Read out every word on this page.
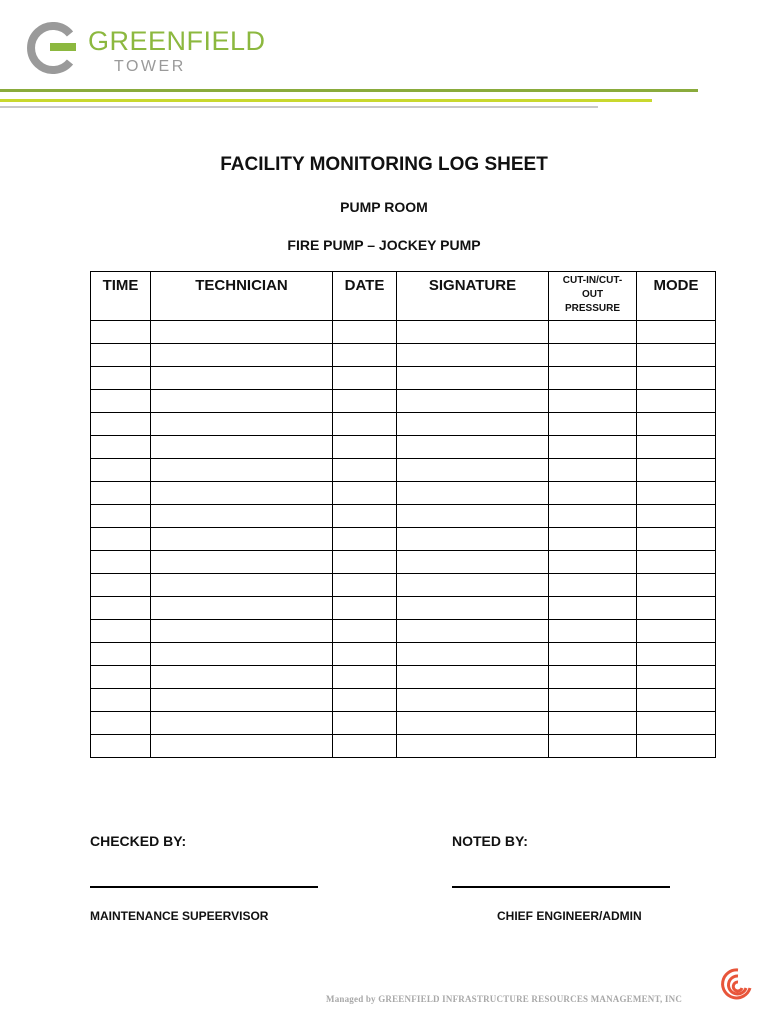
GREENFIELD
TOWER
FACILITY MONITORING LOG SHEET
PUMP ROOM
FIRE PUMP – JOCKEY PUMP
TIME	TECHNICIAN	DATE	SIGNATURE	CUT-IN/CUT-
OUT
PRESSURE	MODE

CHECKED BY:
MAINTENANCE SUPEERVISOR
NOTED BY:
CHIEF ENGINEER/ADMIN
Managed by GREENFIELD INFRASTRUCTURE RESOURCES MANAGEMENT, INC
